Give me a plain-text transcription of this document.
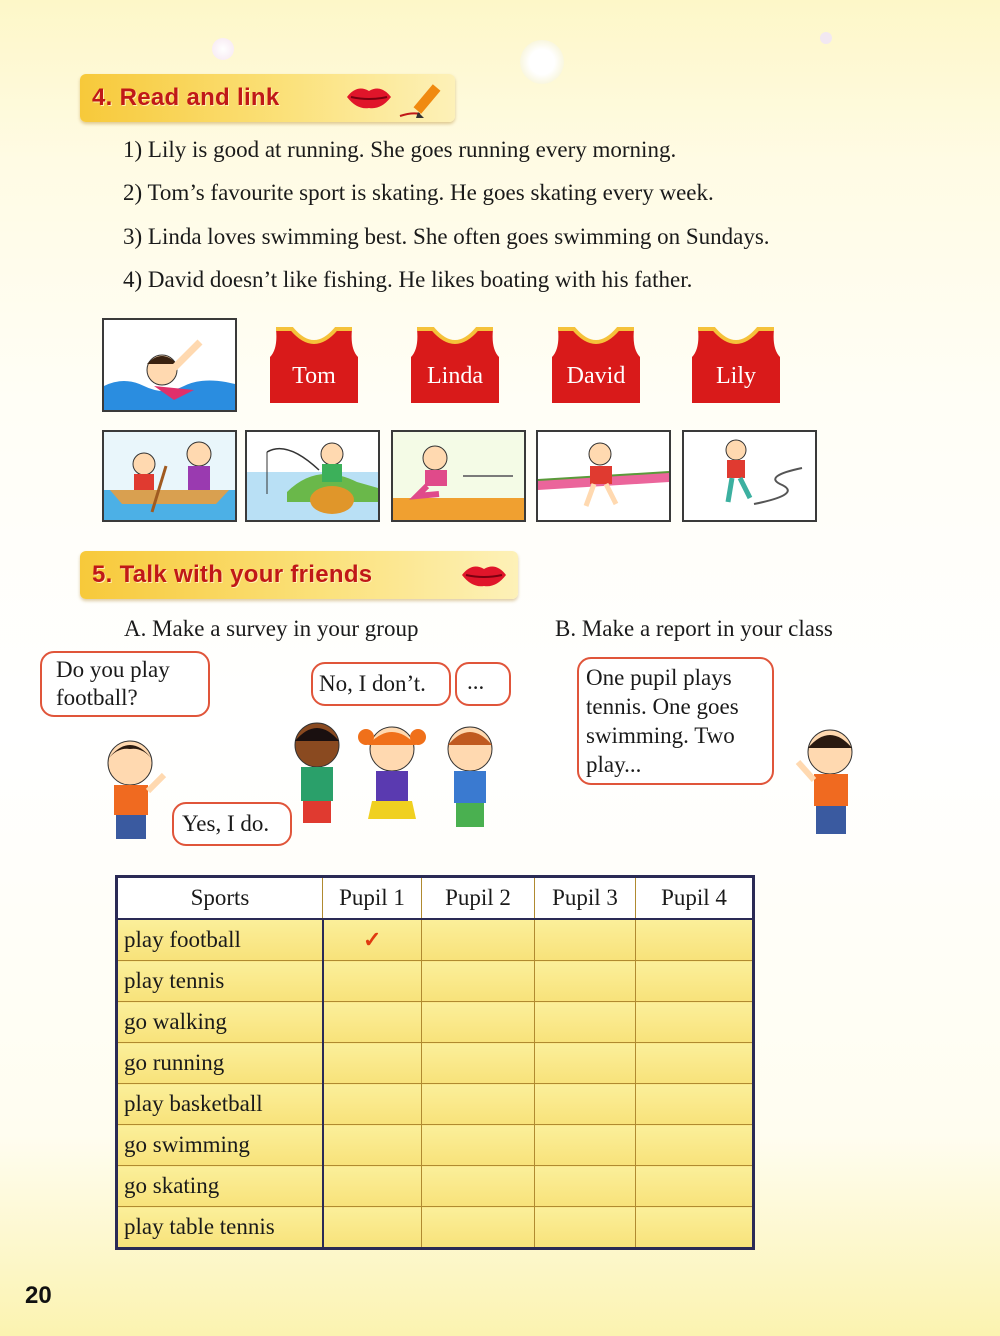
4. Read and link
1) Lily is good at running. She goes running every morning.
2) Tom’s favourite sport is skating. He goes skating every week.
3) Linda loves swimming best. She often goes swimming on Sundays.
4) David doesn’t like fishing. He likes boating with his father.
Tom	Linda	David	Lily
5. Talk with your friends
A. Make a survey in your group	B. Make a report in your class
Do you play football?
Yes, I do.
No, I don’t. ...	One pupil plays tennis. One goes swimming. Two play...
Sports	Pupil 1	Pupil 2	Pupil 3	Pupil 4
play football	✓			
play tennis				
go walking				
go running				
play basketball				
go swimming				
go skating				
play table tennis				
20
